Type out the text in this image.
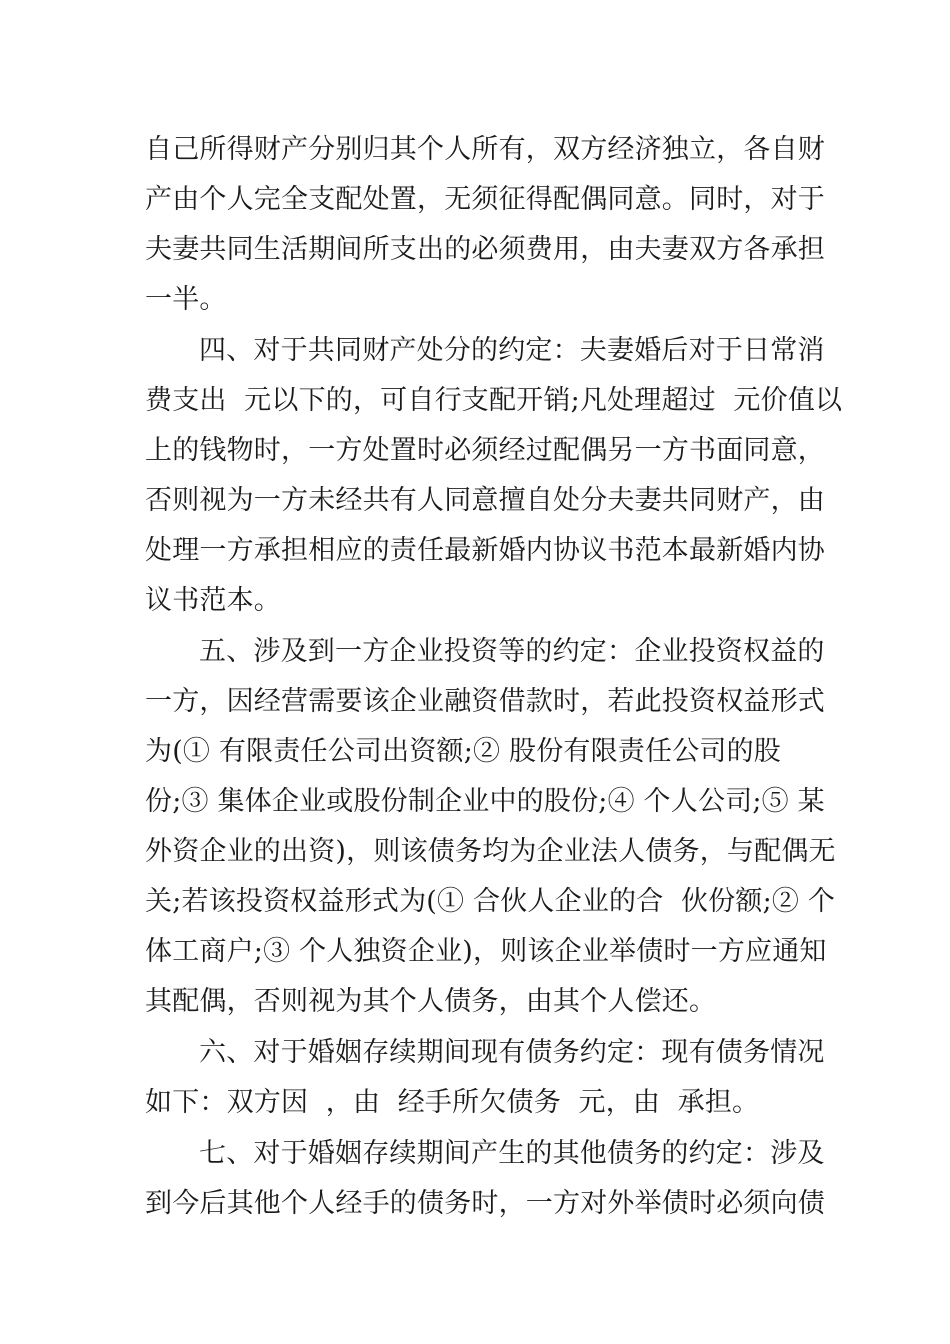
自己所得财产分别归其个人所有，双方经济独立，各自财
产由个人完全支配处置，无须征得配偶同意。同时，对于
夫妻共同生活期间所支出的必须费用，由夫妻双方各承担
一半。
四、对于共同财产处分的约定：夫妻婚后对于日常消
费支出  元以下的，可自行支配开销;凡处理超过  元价值以
上的钱物时，一方处置时必须经过配偶另一方书面同意，
否则视为一方未经共有人同意擅自处分夫妻共同财产，由
处理一方承担相应的责任最新婚内协议书范本最新婚内协
议书范本。
五、涉及到一方企业投资等的约定：企业投资权益的
一方，因经营需要该企业融资借款时，若此投资权益形式
为(① 有限责任公司出资额;② 股份有限责任公司的股
份;③ 集体企业或股份制企业中的股份;④ 个人公司;⑤ 某
外资企业的出资)，则该债务均为企业法人债务，与配偶无
关;若该投资权益形式为(① 合伙人企业的合  伙份额;② 个
体工商户;③ 个人独资企业)，则该企业举债时一方应通知
其配偶，否则视为其个人债务，由其个人偿还。
六、对于婚姻存续期间现有债务约定：现有债务情况
如下：双方因  ，由  经手所欠债务  元，由  承担。
七、对于婚姻存续期间产生的其他债务的约定：涉及
到今后其他个人经手的债务时，一方对外举债时必须向债
